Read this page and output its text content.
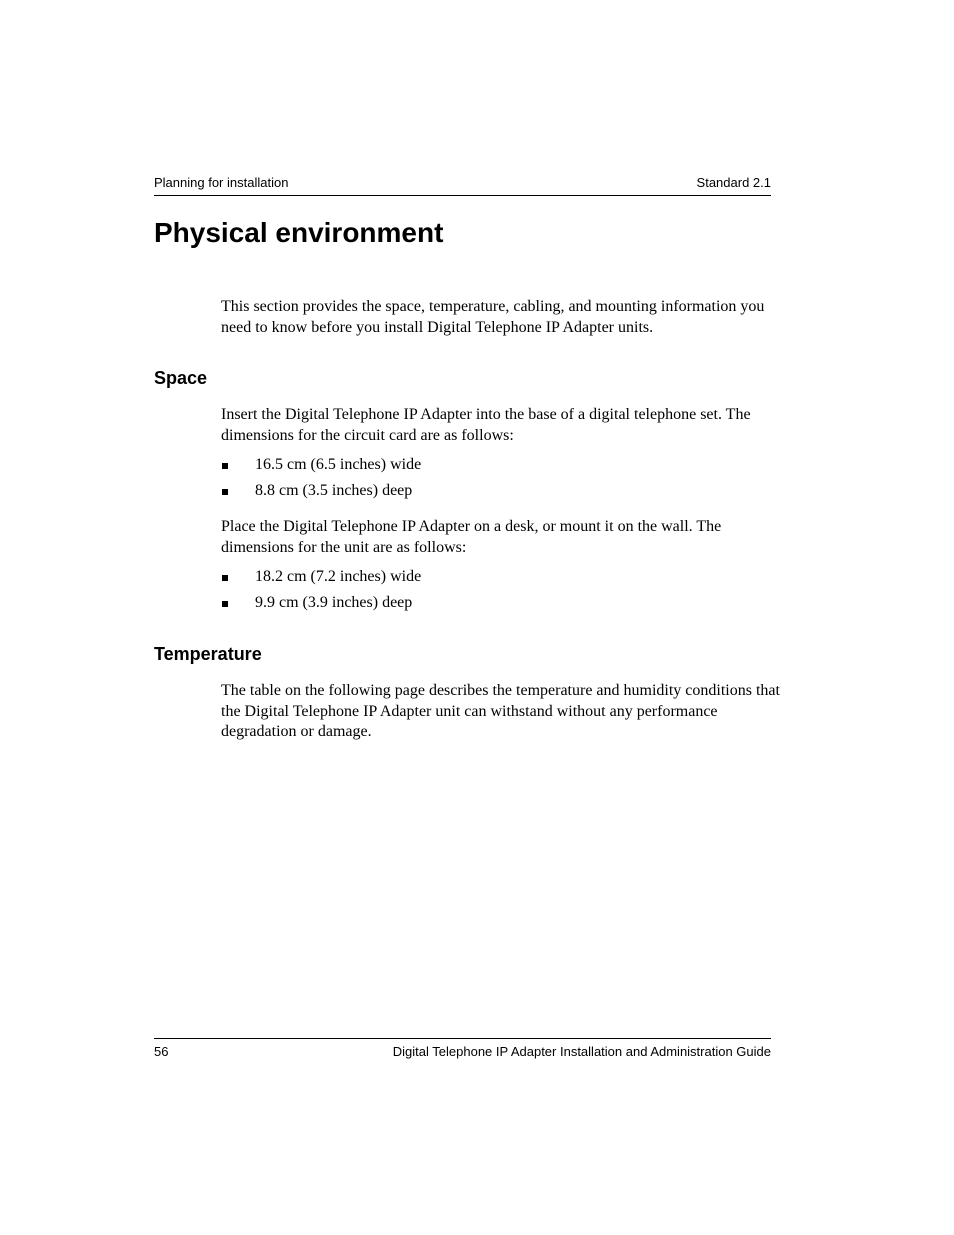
Planning for installation	Standard 2.1
Physical environment

This section provides the space, temperature, cabling, and mounting information you need to know before you install Digital Telephone IP Adapter units.

Space

Insert the Digital Telephone IP Adapter into the base of a digital telephone set. The dimensions for the circuit card are as follows:

16.5 cm (6.5 inches) wide
8.8 cm (3.5 inches) deep

Place the Digital Telephone IP Adapter on a desk, or mount it on the wall. The dimensions for the unit are as follows:

18.2 cm (7.2 inches) wide
9.9 cm (3.9 inches) deep
Temperature

The table on the following page describes the temperature and humidity conditions that the Digital Telephone IP Adapter unit can withstand without any performance degradation or damage.

56	Digital Telephone IP Adapter Installation and Administration Guide
